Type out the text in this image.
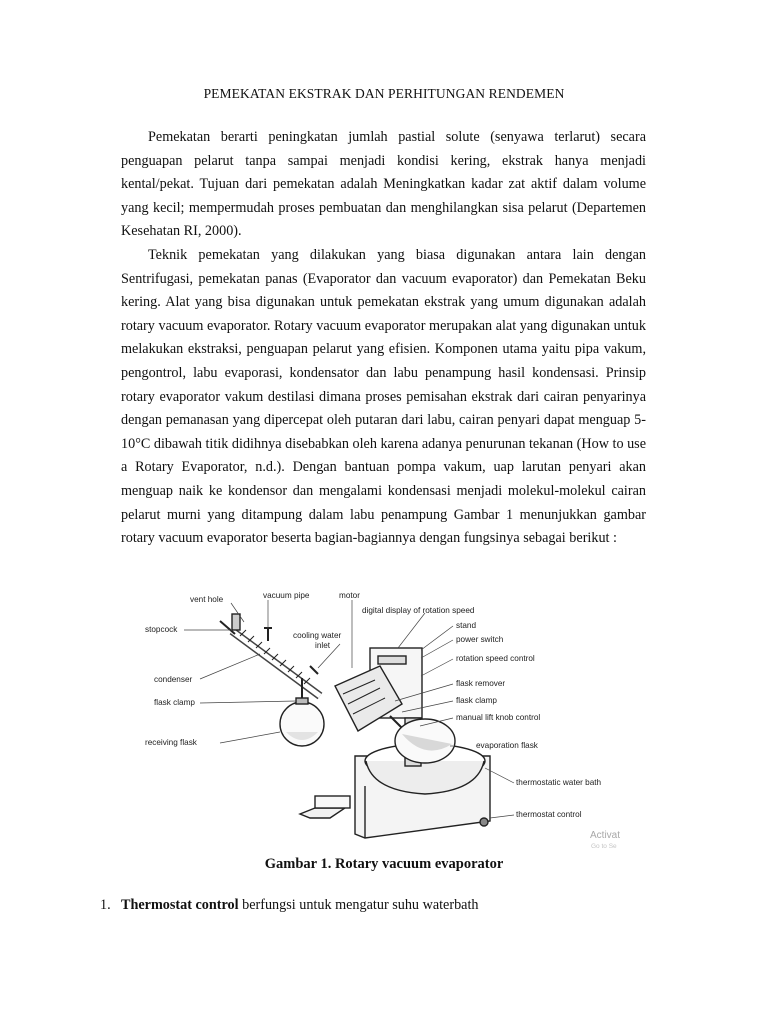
PEMEKATAN EKSTRAK DAN PERHITUNGAN RENDEMEN

Pemekatan berarti peningkatan jumlah pastial solute (senyawa terlarut) secara penguapan pelarut tanpa sampai menjadi kondisi kering, ekstrak hanya menjadi kental/pekat. Tujuan dari pemekatan adalah Meningkatkan kadar zat aktif dalam volume yang kecil; mempermudah proses pembuatan dan menghilangkan sisa pelarut (Departemen Kesehatan RI, 2000).

Teknik pemekatan yang dilakukan yang biasa digunakan antara lain dengan Sentrifugasi, pemekatan panas (Evaporator dan vacuum evaporator) dan Pemekatan Beku kering. Alat yang bisa digunakan untuk pemekatan ekstrak yang umum digunakan adalah rotary vacuum evaporator. Rotary vacuum evaporator merupakan alat yang digunakan untuk melakukan ekstraksi, penguapan pelarut yang efisien. Komponen utama yaitu pipa vakum, pengontrol, labu evaporasi, kondensator dan labu penampung hasil kondensasi. Prinsip rotary evaporator vakum destilasi dimana proses pemisahan ekstrak dari cairan penyarinya dengan pemanasan yang dipercepat oleh putaran dari labu, cairan penyari dapat menguap 5-10°C dibawah titik didihnya disebabkan oleh karena adanya penurunan tekanan (How to use a Rotary Evaporator, n.d.). Dengan bantuan pompa vakum, uap larutan penyari akan menguap naik ke kondensor dan mengalami kondensasi menjadi molekul-molekul cairan pelarut murni yang ditampung dalam labu penampung Gambar 1 menunjukkan gambar rotary vacuum evaporator beserta bagian-bagiannya dengan fungsinya sebagai berikut :

vent hole	vacuum pipe	motor
stopcock
cooling water
inlet
condenser
flask clamp
receiving flask
digital display of rotation speed
stand
power switch
rotation speed control
flask remover
flask clamp
manual lift knob control
evaporation flask
thermostatic water bath
thermostat control
Activat
Go to Se
Gambar 1. Rotary vacuum evaporator
1. Thermostat control berfungsi untuk mengatur suhu waterbath
